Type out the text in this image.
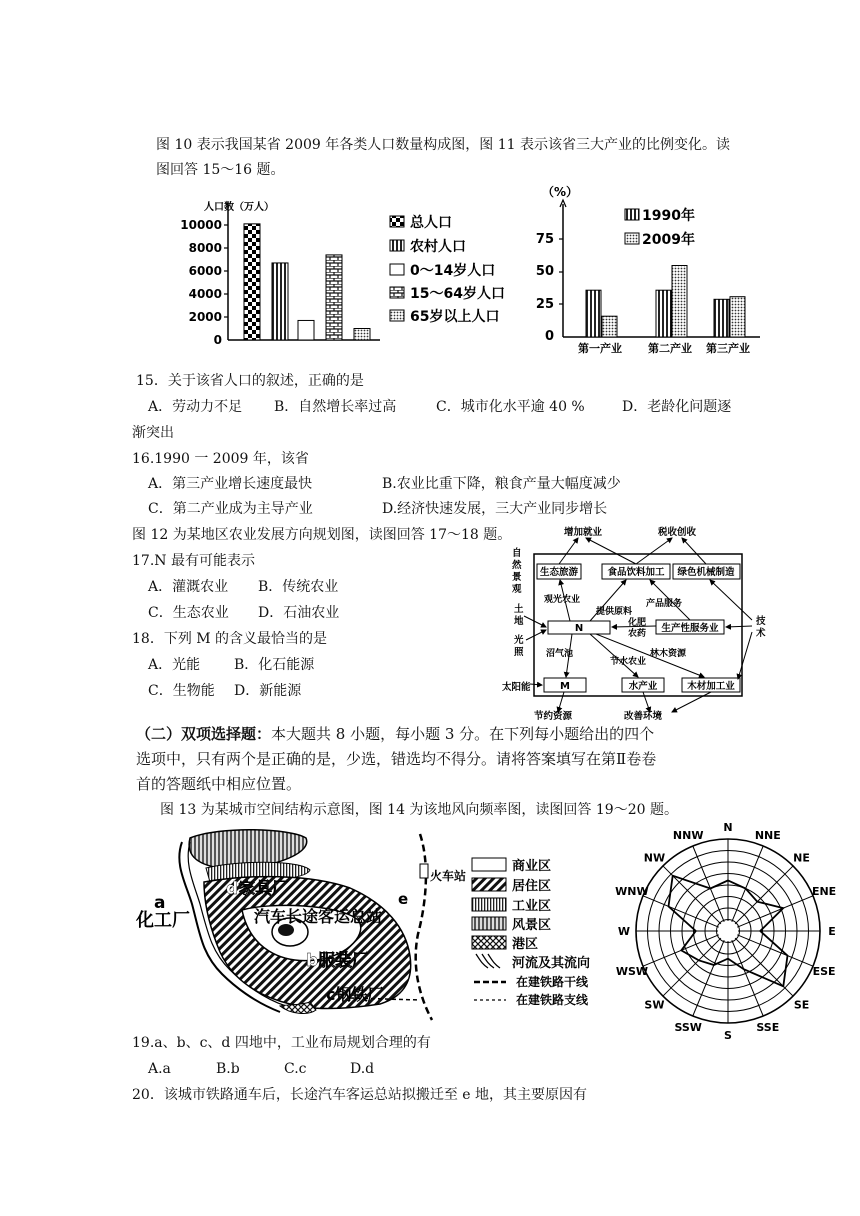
图 10 表示我国某省 2009 年各类人口数量构成图，图 11 表示该省三大产业的比例变化。读
图回答 15～16 题。
人口数（万人）
10000
8000
6000
4000
2000
0
总人口
农村人口
0～14岁人口
15～64岁人口
65岁以上人口
（%）
75
50
25
0
第一产业 第二产业 第三产业
1990年
2009年
15．关于该省人口的叙述，正确的是
A．劳动力不足 B．自然增长率过高	C．城市化水平逾 40 %	D．老龄化问题逐
渐突出
16.1990 一 2009 年，该省
A．第三产业增长速度最快	B.农业比重下降，粮食产量大幅度减少
C．第二产业成为主导产业	D.经济快速发展，三大产业同步增长
图 12 为某地区农业发展方向规划图，读图回答 17～18 题。
17.N 最有可能表示
A．灌溉农业 B．传统农业
C．生态农业 D．石油农业
18．下列 M 的含义最恰当的是
A．光能 B．化石能源
C．生物能 D．新能源
增加就业	税收创收
自然景观
土地
光照
太阳能
技术
生态旅游	食品饮料加工 绿色机械制造
N	生产性服务业
M	水产业	木材加工业
观光农业
提供原料
产品服务
化肥
农药
沼气池
节水农业
林木资源
节约资源	改善环境
（二）双项选择题：本大题共 8 小题，每小题 3 分。在下列每小题给出的四个
选项中，只有两个是正确的是，少选，错选均不得分。请将答案填写在第Ⅱ卷卷
首的答题纸中相应位置。
图 13 为某城市空间结构示意图，图 14 为该地风向频率图，读图回答 19～20 题。
a
化工厂
d家具厂
汽车长途客运总站
e
b服装厂
c钢铁厂
火车站
商业区
居住区
工业区
风景区
港区
河流及其流向
在建铁路干线
在建铁路支线
N
NNE
NE
ENE
E
ESE
SE
SSE
S
SSW
SW
WSW
W
WNW
NW
NNW
19.a、b、c、d 四地中，工业布局规划合理的有
A.a	B.b	C.c	D.d
20．该城市铁路通车后，长途汽车客运总站拟搬迁至 e 地，其主要原因有
